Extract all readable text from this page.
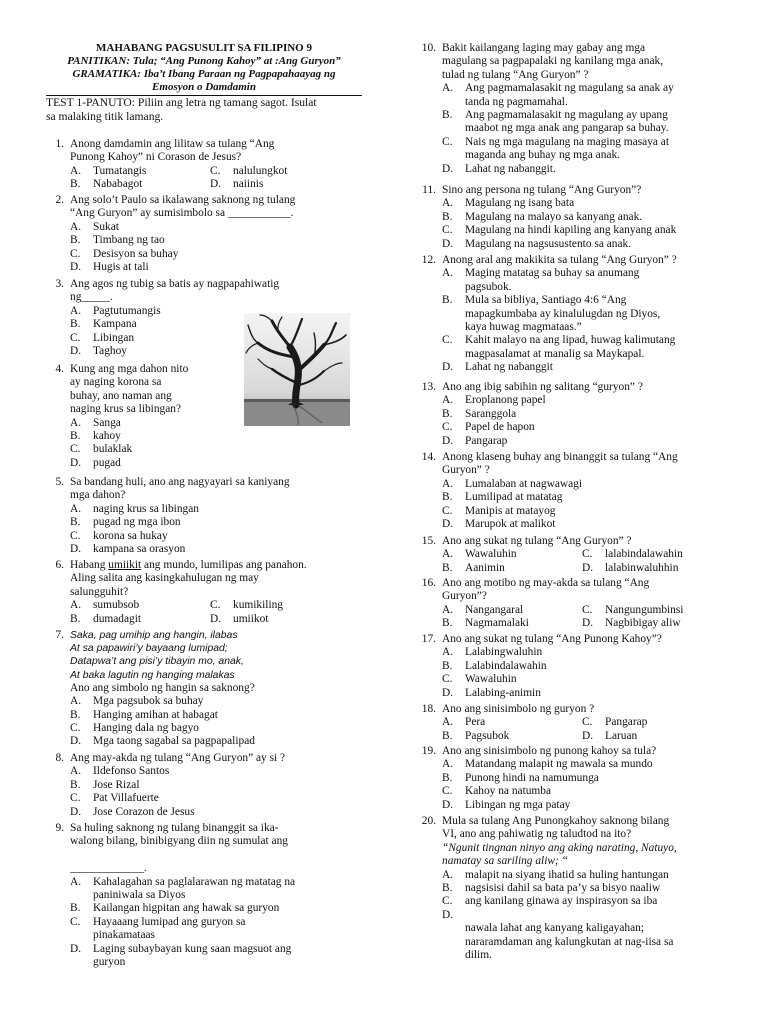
MAHABANG PAGSUSULIT SA FILIPINO 9
PANITIKAN: Tula; “Ang Punong Kahoy” at :Ang Guryon”
GRAMATIKA: Iba’t Ibang Paraan ng Pagpapahaayag ng
Emosyon o Damdamin
TEST 1-PANUTO: Piliin ang letra ng tamang sagot. Isulat
sa malaking titik lamang.
1. Anong damdamin ang lilitaw sa tulang “Ang
Punong Kahoy” ni Corason de Jesus?
A.	Tumatangis	C.	nalulungkot
B.	Nababagot	D.	naiinis
2. Ang solo’t Paulo sa ikalawang saknong ng tulang
“Ang Guryon” ay sumisimbolo sa ___________.
A.	Sukat
B.	Timbang ng tao
C.	Desisyon sa buhay
D.	Hugis at tali
3. Ang agos ng tubig sa batis ay nagpapahiwatig
ng_____.
A.	Pagtutumangis
B.	Kampana
C.	Libingan
D.	Taghoy
4. Kung ang mga dahon nito
ay naging korona sa
buhay, ano naman ang
naging krus sa libingan?
A.	Sanga
B.	kahoy
C.	bulaklak
D.	pugad
5. Sa bandang huli, ano ang nagyayari sa kaniyang
mga dahon?
A.	naging krus sa libingan
B.	pugad ng mga ibon
C.	korona sa hukay
D.	kampana sa orasyon
6. Habang umiikit ang mundo, lumilipas ang panahon.
Aling salita ang kasingkahulugan ng may
salungguhit?
A.	sumubsob	C.	kumikiling
B.	dumadagit	D.	umiikot
7. Saka, pag umihip ang hangin, ilabas
At sa papawiri’y bayaang lumipad;
Datapwa’t ang pisi’y tibayin mo, anak,
At baka lagutin ng hanging malakas
Ano ang simbolo ng hangin sa saknong?
A.	Mga pagsubok sa buhay
B.	Hanging amihan at habagat
C.	Hanging dala ng bagyo
D.	Mga taong sagabal sa pagpapalipad
8. Ang may-akda ng tulang “Ang Guryon” ay si ?
A.	Ildefonso Santos
B.	Jose Rizal
C.	Pat Villafuerte
D.	Jose Corazon de Jesus
9. Sa huling saknong ng tulang binanggit sa ika-
walong bilang, binibigyang diin ng sumulat ang

_____________.
A.	Kahalagahan sa paglalarawan ng matatag na
paniniwala sa Diyos
B.	Kailangan higpitan ang hawak sa guryon
C.	Hayaaang lumipad ang guryon sa
pinakamataas
D.	Laging subaybayan kung saan magsuot ang
guryon
10. Bakit kailangang laging may gabay ang mga
magulang sa pagpapalaki ng kanilang mga anak,
tulad ng tulang “Ang Guryon” ?
A.	Ang pagmamalasakit ng magulang sa anak ay
tanda ng pagmamahal.
B.	Ang pagmamalasakit ng magulang ay upang
maabot ng mga anak ang pangarap sa buhay.
C.	Nais ng mga magulang na maging masaya at
maganda ang buhay ng mga anak.
D.	Lahat ng nabanggit.
11. Sino ang persona ng tulang “Ang Guryon”?
A.	Magulang ng isang bata
B.	Magulang na malayo sa kanyang anak.
C.	Magulang na hindi kapiling ang kanyang anak
D.	Magulang na nagsusustento sa anak.
12. Anong aral ang makikita sa tulang “Ang Guryon” ?
A.	Maging matatag sa buhay sa anumang
pagsubok.
B.	Mula sa bibliya, Santiago 4:6 “Ang
mapagkumbaba ay kinalulugdan ng Diyos,
kaya huwag magmataas.”
C.	Kahit malayo na ang lipad, huwag kalimutang
magpasalamat at manalig sa Maykapal.
D.	Lahat ng nabanggit
13. Ano ang ibig sabihin ng salitang “guryon” ?
A.	Eroplanong papel
B.	Saranggola
C.	Papel de hapon
D.	Pangarap
14. Anong klaseng buhay ang binanggit sa tulang “Ang
Guryon” ?
A.	Lumalaban at nagwawagi
B.	Lumilipad at matatag
C.	Manipis at matayog
D.	Marupok at malikot
15. Ano ang sukat ng tulang “Ang Guryon” ?
A.	Wawaluhin	C.	lalabindalawahin
B.	Aanimin	D.	lalabinwaluhhin
16. Ano ang motibo ng may-akda sa tulang “Ang
Guryon”?
A.	Nangangaral	C.	Nangungumbinsi
B.	Nagmamalaki	D.	Nagbibigay aliw
17. Ano ang sukat ng tulang “Ang Punong Kahoy”?
A.	Lalabingwaluhin
B.	Lalabindalawahin
C.	Wawaluhin
D.	Lalabing-animin
18. Ano ang sinisimbolo ng guryon ?
A.	Pera	C.	Pangarap
B.	Pagsubok	D.	Laruan
19. Ano ang sinisimbolo ng punong kahoy sa tula?
A.	Matandang malapit ng mawala sa mundo
B.	Punong hindi na namumunga
C.	Kahoy na natumba
D.	Libingan ng mga patay
20. Mula sa tulang Ang Punongkahoy saknong bilang
VI, ano ang pahiwatig ng taludtod na ito?
“Ngunit tingnan ninyo ang aking narating, Natuyo,
namatay sa sariling aliw; “
A.	malapit na siyang ihatid sa huling hantungan
B.	nagsisisi dahil sa bata pa’y sa bisyo naaliw
C.	ang kanilang ginawa ay inspirasyon sa iba
D.

nawala lahat ang kanyang kaligayahan;
nararamdaman ang kalungkutan at nag-iisa sa
dilim.
